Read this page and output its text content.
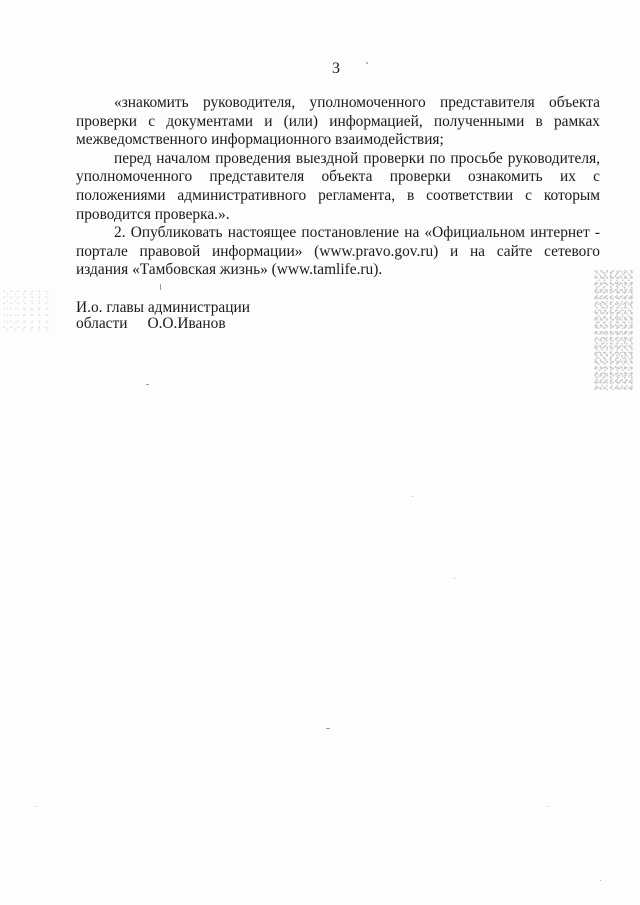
3

«знакомить руководителя, уполномоченного представителя объекта проверки с документами и (или) информацией, полученными в рамках межведомственного информационного взаимодействия;

перед началом проведения выездной проверки по просьбе руководителя, уполномоченного представителя объекта проверки ознакомить их с положениями административного регламента, в соответствии с которым проводится проверка.».

2. Опубликовать настоящее постановление на «Официальном интернет - портале правовой информации» (www.pravo.gov.ru) и на сайте сетевого издания «Тамбовская жизнь» (www.tamlife.ru).

И.о. главы администрации
области О.О.Иванов
